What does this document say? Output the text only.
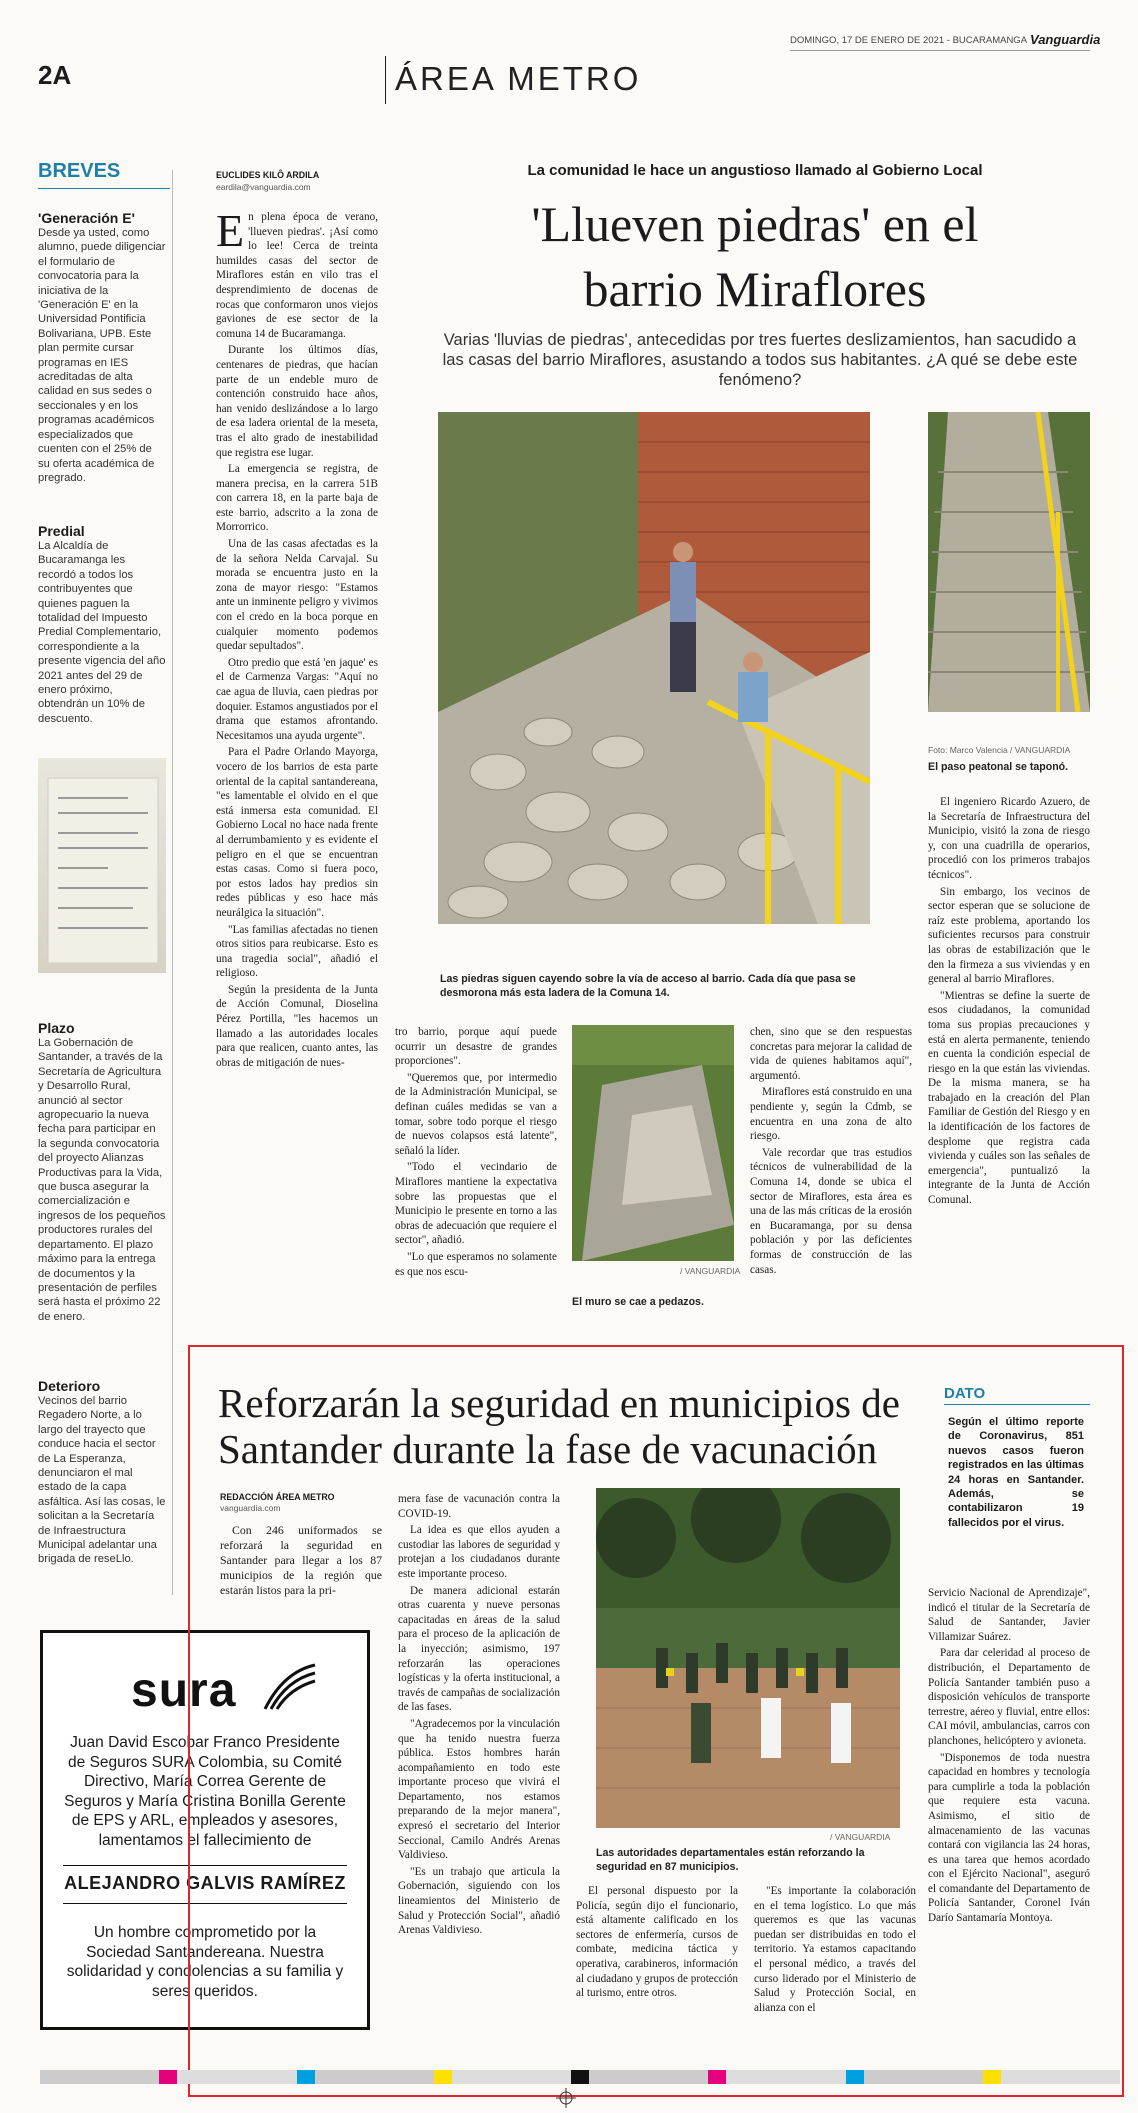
2A	ÁREA METRO
DOMINGO, 17 DE ENERO DE 2021 - BUCARAMANGA Vanguardia
BREVES
'Generación E'

Desde ya usted, como alumno, puede diligenciar el formulario de convocatoria para la iniciativa de la 'Generación E' en la Universidad Pontificia Bolivariana, UPB. Este plan permite cursar programas en IES acreditadas de alta calidad en sus sedes o seccionales y en los programas académicos especializados que cuenten con el 25% de su oferta académica de pregrado.

Predial

La Alcaldía de Bucaramanga les recordó a todos los contribuyentes que quienes paguen la totalidad del Impuesto Predial Complementario, correspondiente a la presente vigencia del año 2021 antes del 29 de enero próximo, obtendrán un 10% de descuento.

Plazo

La Gobernación de Santander, a través de la Secretaría de Agricultura y Desarrollo Rural, anunció al sector agropecuario la nueva fecha para participar en la segunda convocatoria del proyecto Alianzas Productivas para la Vida, que busca asegurar la comercialización e ingresos de los pequeños productores rurales del departamento. El plazo máximo para la entrega de documentos y la presentación de perfiles será hasta el próximo 22 de enero.

Deterioro

Vecinos del barrio Regadero Norte, a lo largo del trayecto que conduce hacia el sector de La Esperanza, denunciaron el mal estado de la capa asfáltica. Así las cosas, le solicitan a la Secretaría de Infraestructura Municipal adelantar una brigada de reseLlo.

sura
Juan David Escobar Franco Presidente de Seguros SURA Colombia, su Comité Directivo, María Correa Gerente de Seguros y María Cristina Bonilla Gerente de EPS y ARL, empleados y asesores, lamentamos el fallecimiento de
ALEJANDRO GALVIS RAMÍREZ
Un hombre comprometido por la Sociedad Santandereana. Nuestra solidaridad y condolencias a su familia y seres queridos.
EUCLIDES KILÔ ARDILA
eardila@vanguardia.com
La comunidad le hace un angustioso llamado al Gobierno Local
'Llueven piedras' en el
barrio Miraflores
Varias 'lluvias de piedras', antecedidas por tres fuertes deslizamientos, han sacudido a las casas del barrio Miraflores, asustando a todos sus habitantes. ¿A qué se debe este fenómeno?

En plena época de verano, 'llueven piedras'. ¡Así como lo lee! Cerca de treinta humildes casas del sector de Miraflores están en vilo tras el desprendimiento de docenas de rocas que conformaron unos viejos gaviones de ese sector de la comuna 14 de Bucaramanga.

Durante los últimos días, centenares de piedras, que hacían parte de un endeble muro de contención construido hace años, han venido deslizándose a lo largo de esa ladera oriental de la meseta, tras el alto grado de inestabilidad que registra ese lugar.

La emergencia se registra, de manera precisa, en la carrera 51B con carrera 18, en la parte baja de este barrio, adscrito a la zona de Morrorrico.

Una de las casas afectadas es la de la señora Nelda Carvajal. Su morada se encuentra justo en la zona de mayor riesgo: "Estamos ante un inminente peligro y vivimos con el credo en la boca porque en cualquier momento podemos quedar sepultados".

Otro predio que está 'en jaque' es el de Carmenza Vargas: "Aquí no cae agua de lluvia, caen piedras por doquier. Estamos angustiados por el drama que estamos afrontando. Necesitamos una ayuda urgente".

Para el Padre Orlando Mayorga, vocero de los barrios de esta parte oriental de la capital santandereana, "es lamentable el olvido en el que está inmersa esta comunidad. El Gobierno Local no hace nada frente al derrumbamiento y es evidente el peligro en el que se encuentran estas casas. Como si fuera poco, por estos lados hay predios sin redes públicas y eso hace más neurálgica la situación".

"Las familias afectadas no tienen otros sitios para reubicarse. Esto es una tragedia social", añadió el religioso.

Según la presidenta de la Junta de Acción Comunal, Dioselina Pérez Portilla, "les hacemos un llamado a las autoridades locales para que realicen, cuanto antes, las obras de mitigación de nues-

Las piedras siguen cayendo sobre la vía de acceso al barrio. Cada día que pasa se desmorona más esta ladera de la Comuna 14.
Foto: Marco Valencia / VANGUARDIA
El paso peatonal se taponó.

tro barrio, porque aquí puede ocurrir un desastre de grandes proporciones".

"Queremos que, por intermedio de la Administración Municipal, se definan cuáles medidas se van a tomar, sobre todo porque el riesgo de nuevos colapsos está latente", señaló la líder.

"Todo el vecindario de Miraflores mantiene la expectativa sobre las propuestas que el Municipio le presente en torno a las obras de adecuación que requiere el sector", añadió.

"Lo que esperamos no solamente es que nos escu-	/ VANGUARDIA
El muro se cae a pedazos.

chen, sino que se den respuestas concretas para mejorar la calidad de vida de quienes habitamos aquí", argumentó.

Miraflores está construido en una pendiente y, según la Cdmb, se encuentra en una zona de alto riesgo.

Vale recordar que tras estudios técnicos de vulnerabilidad de la Comuna 14, donde se ubica el sector de Miraflores, esta área es una de las más críticas de la erosión en Bucaramanga, por su densa población y por las deficientes formas de construcción de las casas.

El ingeniero Ricardo Azuero, de la Secretaría de Infraestructura del Municipio, visitó la zona de riesgo y, con una cuadrilla de operarios, procedió con los primeros trabajos técnicos".

Sin embargo, los vecinos de sector esperan que se solucione de raíz este problema, aportando los suficientes recursos para construir las obras de estabilización que le den la firmeza a sus viviendas y en general al barrio Miraflores.

"Mientras se define la suerte de esos ciudadanos, la comunidad toma sus propias precauciones y está en alerta permanente, teniendo en cuenta la condición especial de riesgo en la que están las viviendas. De la misma manera, se ha trabajado en la creación del Plan Familiar de Gestión del Riesgo y en la identificación de los factores de desplome que registra cada vivienda y cuáles son las señales de emergencia", puntualizó la integrante de la Junta de Acción Comunal.

Reforzarán la seguridad en municipios de
Santander durante la fase de vacunación
REDACCIÓN ÁREA METRO
vanguardia.com

Con 246 uniformados se reforzará la seguridad en Santander para llegar a los 87 municipios de la región que estarán listos para la pri-

mera fase de vacunación contra la COVID-19.

La idea es que ellos ayuden a custodiar las labores de seguridad y protejan a los ciudadanos durante este importante proceso.

De manera adicional estarán otras cuarenta y nueve personas capacitadas en áreas de la salud para el proceso de la aplicación de la inyección; asimismo, 197 reforzarán las operaciones logísticas y la oferta institucional, a través de campañas de socialización de las fases.

"Agradecemos por la vinculación que ha tenido nuestra fuerza pública. Estos hombres harán acompañamiento en todo este importante proceso que vivirá el Departamento, nos estamos preparando de la mejor manera", expresó el secretario del Interior Seccional, Camilo Andrés Arenas Valdivieso.

"Es un trabajo que articula la Gobernación, siguiendo con los lineamientos del Ministerio de Salud y Protección Social", añadió Arenas Valdivieso.

/ VANGUARDIA
Las autoridades departamentales están reforzando la seguridad en 87 municipios.

El personal dispuesto por la Policía, según dijo el funcionario, está altamente calificado en los sectores de enfermería, cursos de combate, medicina táctica y operativa, carabineros, información al ciudadano y grupos de protección al turismo, entre otros.

"Es importante la colaboración en el tema logístico. Lo que más queremos es que las vacunas puedan ser distribuidas en todo el territorio. Ya estamos capacitando el personal médico, a través del curso liderado por el Ministerio de Salud y Protección Social, en alianza con el

DATO
Según el último reporte de Coronavirus, 851 nuevos casos fueron registrados en las últimas 24 horas en Santander. Además, se contabilizaron 19 fallecidos por el virus.

Servicio Nacional de Aprendizaje", indicó el titular de la Secretaría de Salud de Santander, Javier Villamizar Suárez.

Para dar celeridad al proceso de distribución, el Departamento de Policía Santander también puso a disposición vehículos de transporte terrestre, aéreo y fluvial, entre ellos: CAI móvil, ambulancias, carros con planchones, helicóptero y avioneta.

"Disponemos de toda nuestra capacidad en hombres y tecnología para cumplirle a toda la población que requiere esta vacuna. Asimismo, el sitio de almacenamiento de las vacunas contará con vigilancia las 24 horas, es una tarea que hemos acordado con el Ejército Nacional", aseguró el comandante del Departamento de Policía Santander, Coronel Iván Darío Santamaría Montoya.
